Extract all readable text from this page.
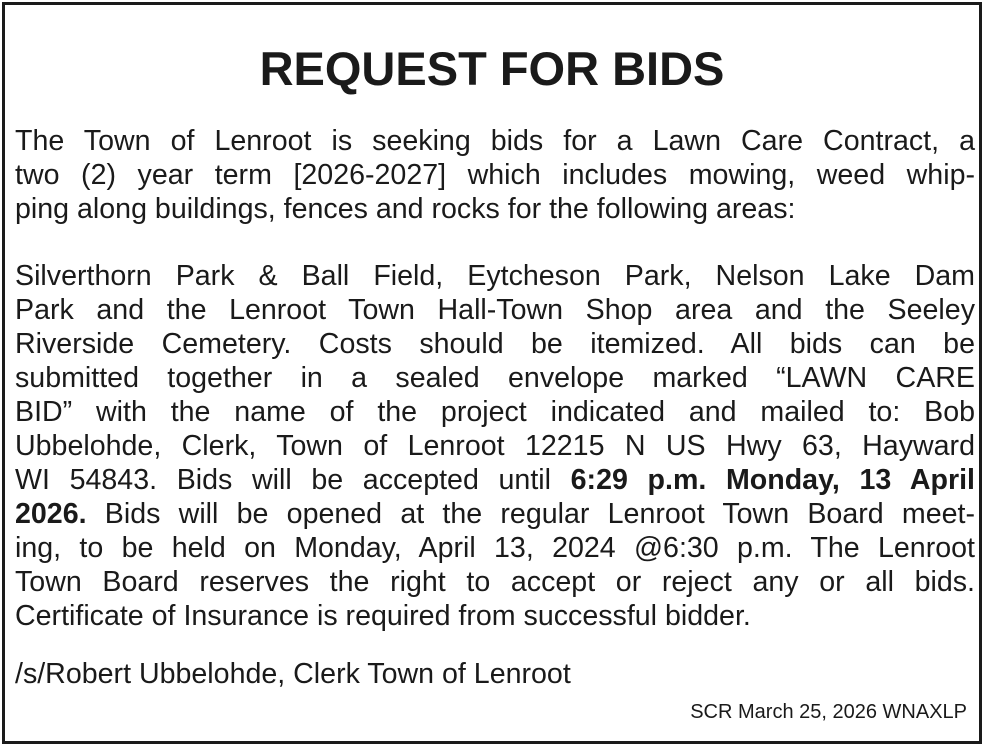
REQUEST FOR BIDS

The Town of Lenroot is seeking bids for a Lawn Care Contract, a
two (2) year term [2026-2027] which includes mowing, weed whip-
ping along buildings, fences and rocks for the following areas:

Silverthorn Park & Ball Field, Eytcheson Park, Nelson Lake Dam
Park and the Lenroot Town Hall-Town Shop area and the Seeley
Riverside Cemetery. Costs should be itemized. All bids can be
submitted together in a sealed envelope marked “LAWN CARE
BID” with the name of the project indicated and mailed to: Bob
Ubbelohde, Clerk, Town of Lenroot 12215 N US Hwy 63, Hayward
WI 54843. Bids will be accepted until 6:29 p.m. Monday, 13 April
2026. Bids will be opened at the regular Lenroot Town Board meet-
ing, to be held on Monday, April 13, 2024 @6:30 p.m. The Lenroot
Town Board reserves the right to accept or reject any or all bids.
Certificate of Insurance is required from successful bidder.

/s/Robert Ubbelohde, Clerk Town of Lenroot

SCR March 25, 2026 WNAXLP
